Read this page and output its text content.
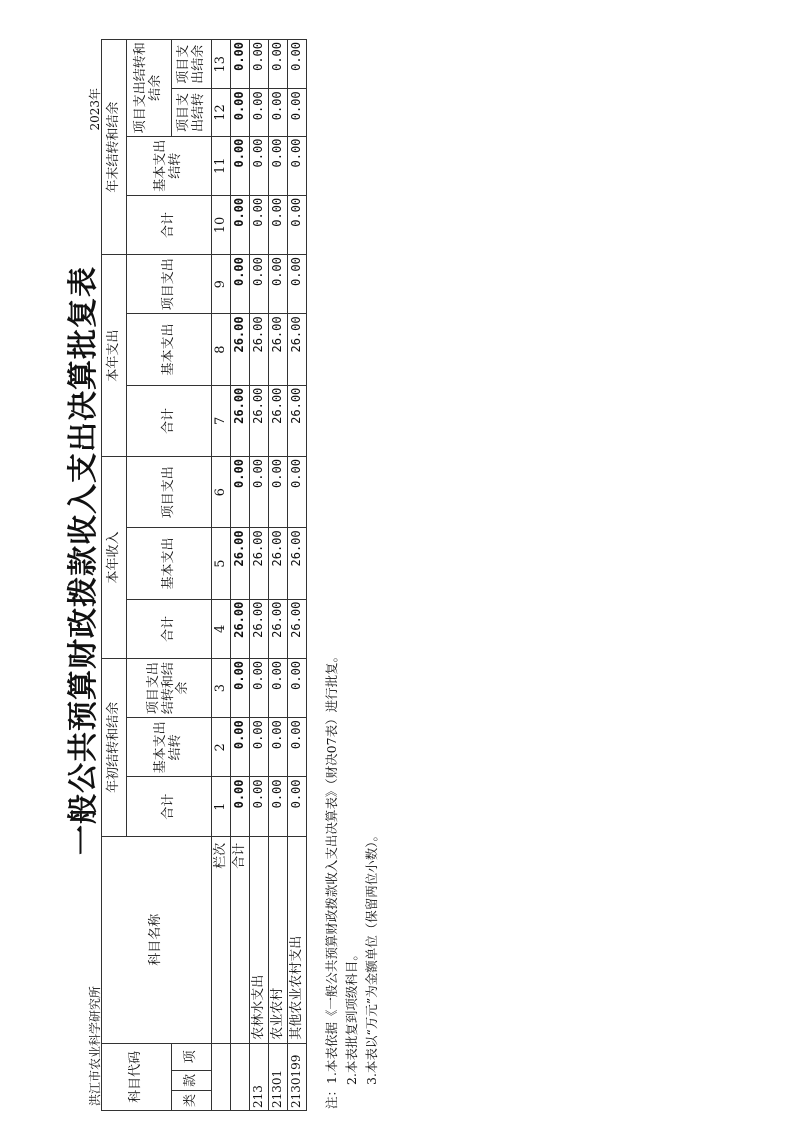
一般公共预算财政拨款收入支出决算批复表
洪江市农业科学研究所
2023年
科目代码			科目名称	年初结转和结余			本年收入			本年支出			年末结转和结余			
				合计	基本支出结转	项目支出结转和结余	合计	基本支出	项目支出	合计	基本支出	项目支出	合计	基本支出结转	项目支出结转和结余	
类	款	项													项目支出结转	项目支出结余
			栏次	1	2	3	4	5	6	7	8	9	10	11	12	13
			合计	0.00	0.00	0.00	26.00	26.00	0.00	26.00	26.00	0.00	0.00	0.00	0.00	0.00
213			农林水支出	0.00	0.00	0.00	26.00	26.00	0.00	26.00	26.00	0.00	0.00	0.00	0.00	0.00
21301			农业农村	0.00	0.00	0.00	26.00	26.00	0.00	26.00	26.00	0.00	0.00	0.00	0.00	0.00
2130199			其他农业农村支出	0.00	0.00	0.00	26.00	26.00	0.00	26.00	26.00	0.00	0.00	0.00	0.00	0.00
注：1.本表依据《一般公共预算财政拨款收入支出决算表》（财决07表）进行批复。 2.本表批复到项级科目。 3.本表以“万元”为金额单位（保留两位小数）。
